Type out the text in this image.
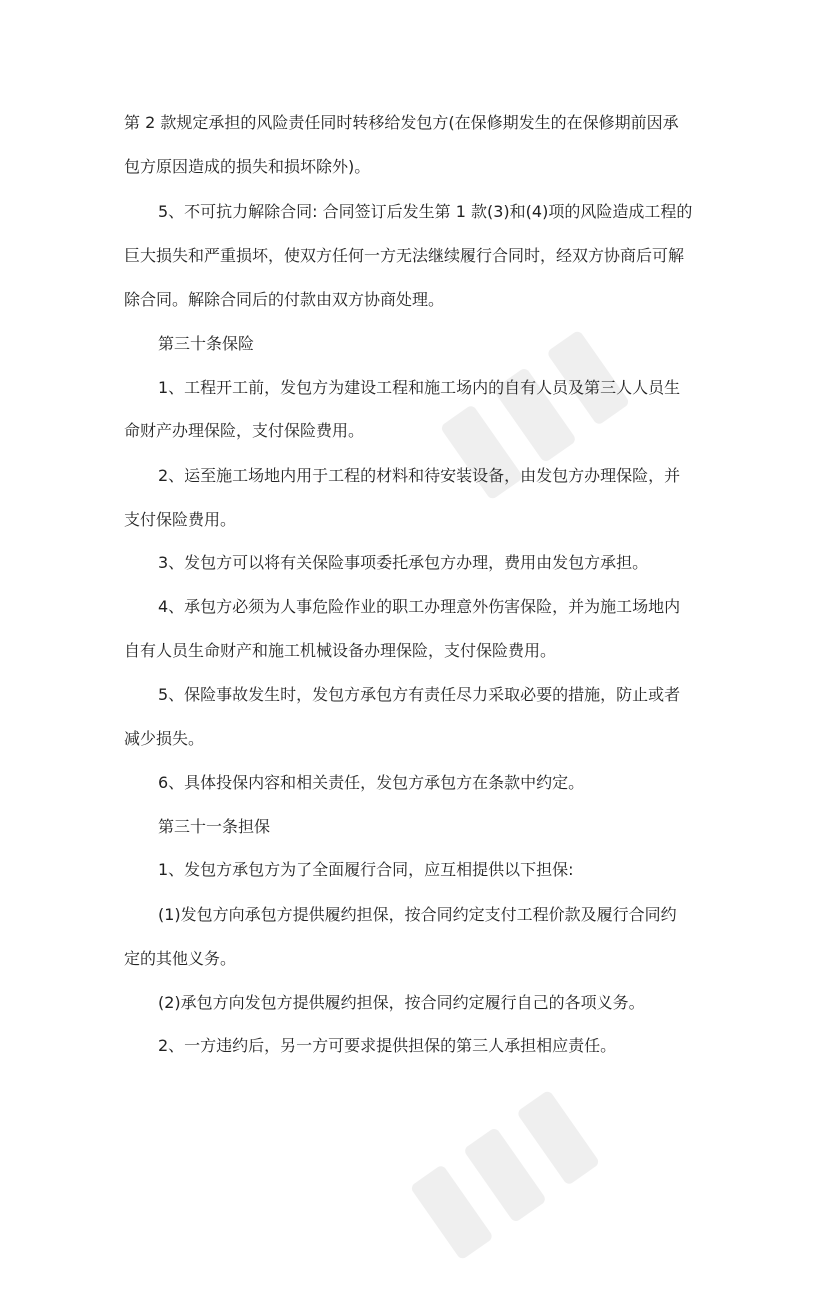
第 2 款规定承担的风险责任同时转移给发包方(在保修期发生的在保修期前因承
包方原因造成的损失和损坏除外)。
5、不可抗力解除合同: 合同签订后发生第 1 款(3)和(4)项的风险造成工程的
巨大损失和严重损坏，使双方任何一方无法继续履行合同时，经双方协商后可解
除合同。解除合同后的付款由双方协商处理。
第三十条保险
1、工程开工前，发包方为建设工程和施工场内的自有人员及第三人人员生
命财产办理保险，支付保险费用。
2、运至施工场地内用于工程的材料和待安装设备，由发包方办理保险，并
支付保险费用。
3、发包方可以将有关保险事项委托承包方办理，费用由发包方承担。
4、承包方必须为人事危险作业的职工办理意外伤害保险，并为施工场地内
自有人员生命财产和施工机械设备办理保险，支付保险费用。
5、保险事故发生时，发包方承包方有责任尽力采取必要的措施，防止或者
减少损失。
6、具体投保内容和相关责任，发包方承包方在条款中约定。
第三十一条担保
1、发包方承包方为了全面履行合同，应互相提供以下担保:
(1)发包方向承包方提供履约担保，按合同约定支付工程价款及履行合同约
定的其他义务。
(2)承包方向发包方提供履约担保，按合同约定履行自己的各项义务。
2、一方违约后，另一方可要求提供担保的第三人承担相应责任。
